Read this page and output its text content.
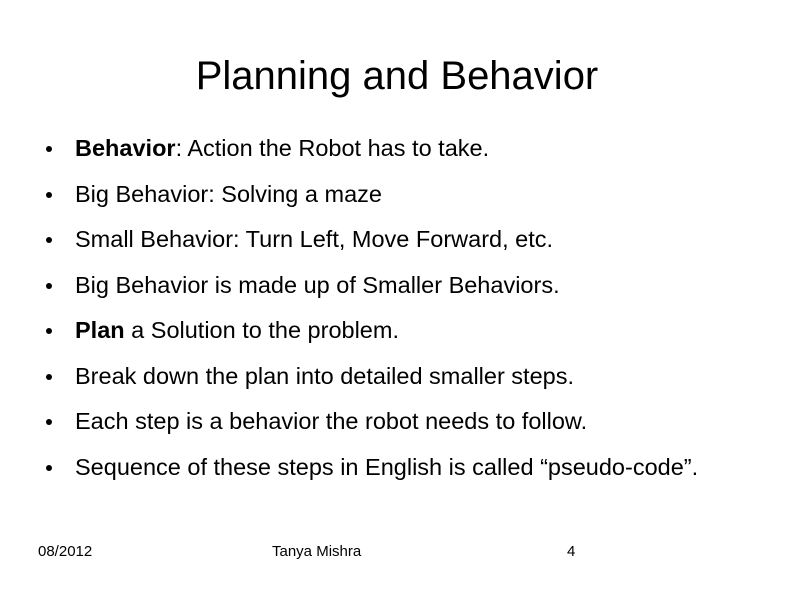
Planning and Behavior
Behavior: Action the Robot has to take.
Big Behavior: Solving a maze
Small Behavior: Turn Left, Move Forward, etc.
Big Behavior is made up of Smaller Behaviors.
Plan a Solution to the problem.
Break down the plan into detailed smaller steps.
Each step is a behavior the robot needs to follow.
Sequence of these steps in English is called “pseudo-code”.
08/2012	Tanya Mishra	4
